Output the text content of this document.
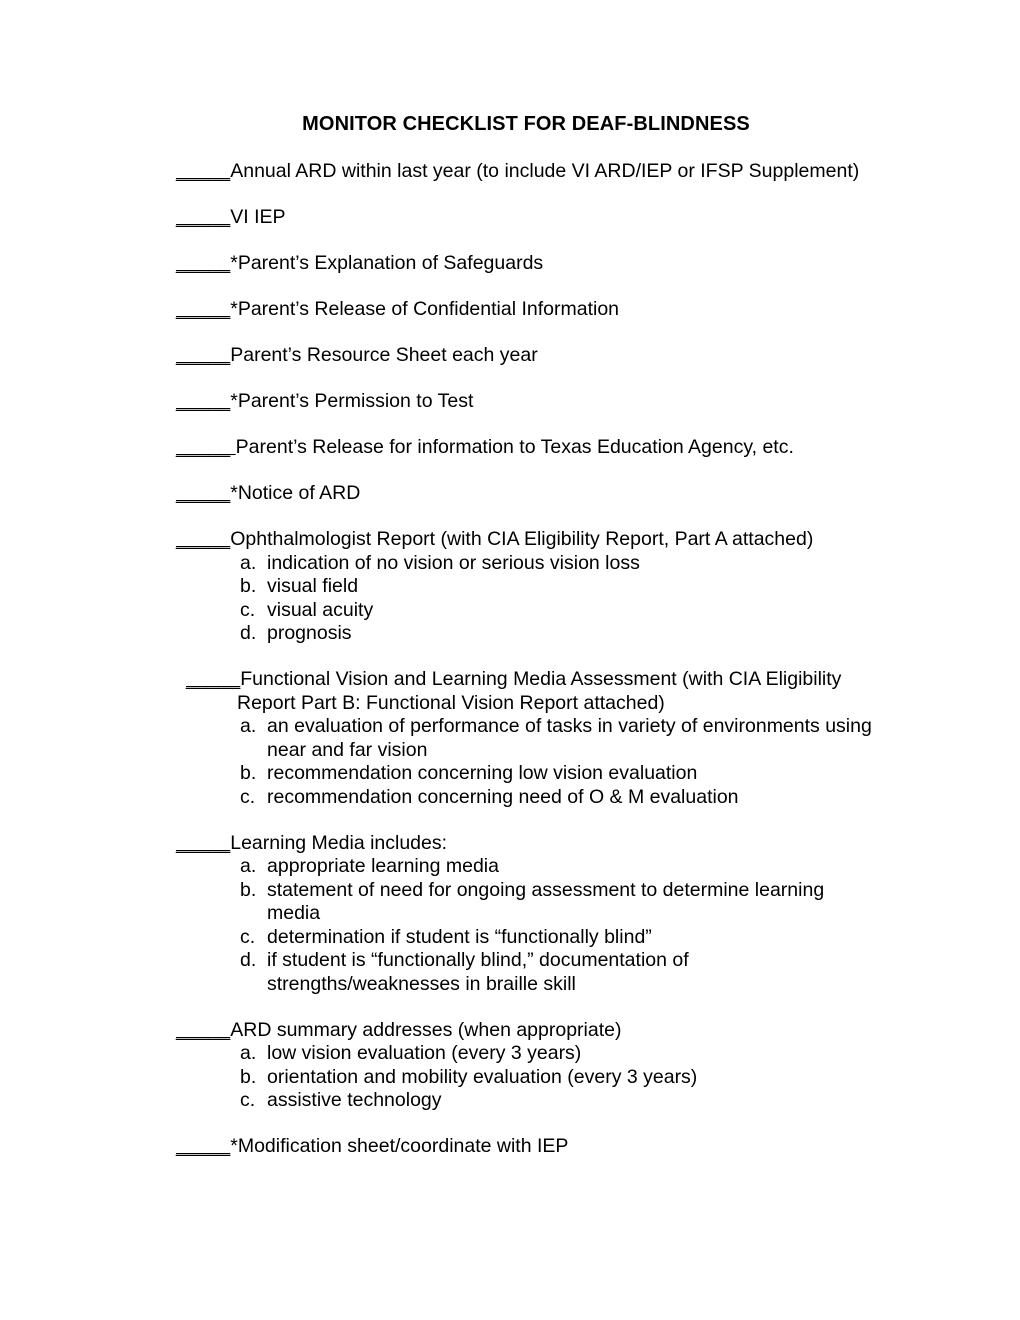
MONITOR CHECKLIST FOR DEAF-BLINDNESS

_____Annual ARD within last year (to include VI ARD/IEP or IFSP Supplement)

_____VI IEP

_____*Parent’s Explanation of Safeguards

_____*Parent’s Release of Confidential Information

_____Parent’s Resource Sheet each year

_____*Parent’s Permission to Test

_____ Parent’s Release for information to Texas Education Agency, etc.

_____*Notice of ARD

_____Ophthalmologist Report (with CIA Eligibility Report, Part A attached)

a. indication of no vision or serious vision loss
b. visual field
c. visual acuity
d. prognosis

_____Functional Vision and Learning Media Assessment (with CIA Eligibility Report Part B: Functional Vision Report attached)

a. an evaluation of performance of tasks in variety of environments using near and far vision
b. recommendation concerning low vision evaluation
c. recommendation concerning need of O & M evaluation

_____Learning Media includes:

a. appropriate learning media
b. statement of need for ongoing assessment to determine learning media
c. determination if student is “functionally blind”
d. if student is “functionally blind,” documentation of strengths/weaknesses in braille skill

_____ARD summary addresses (when appropriate)

a. low vision evaluation (every 3 years)
b. orientation and mobility evaluation (every 3 years)
c. assistive technology

_____*Modification sheet/coordinate with IEP
